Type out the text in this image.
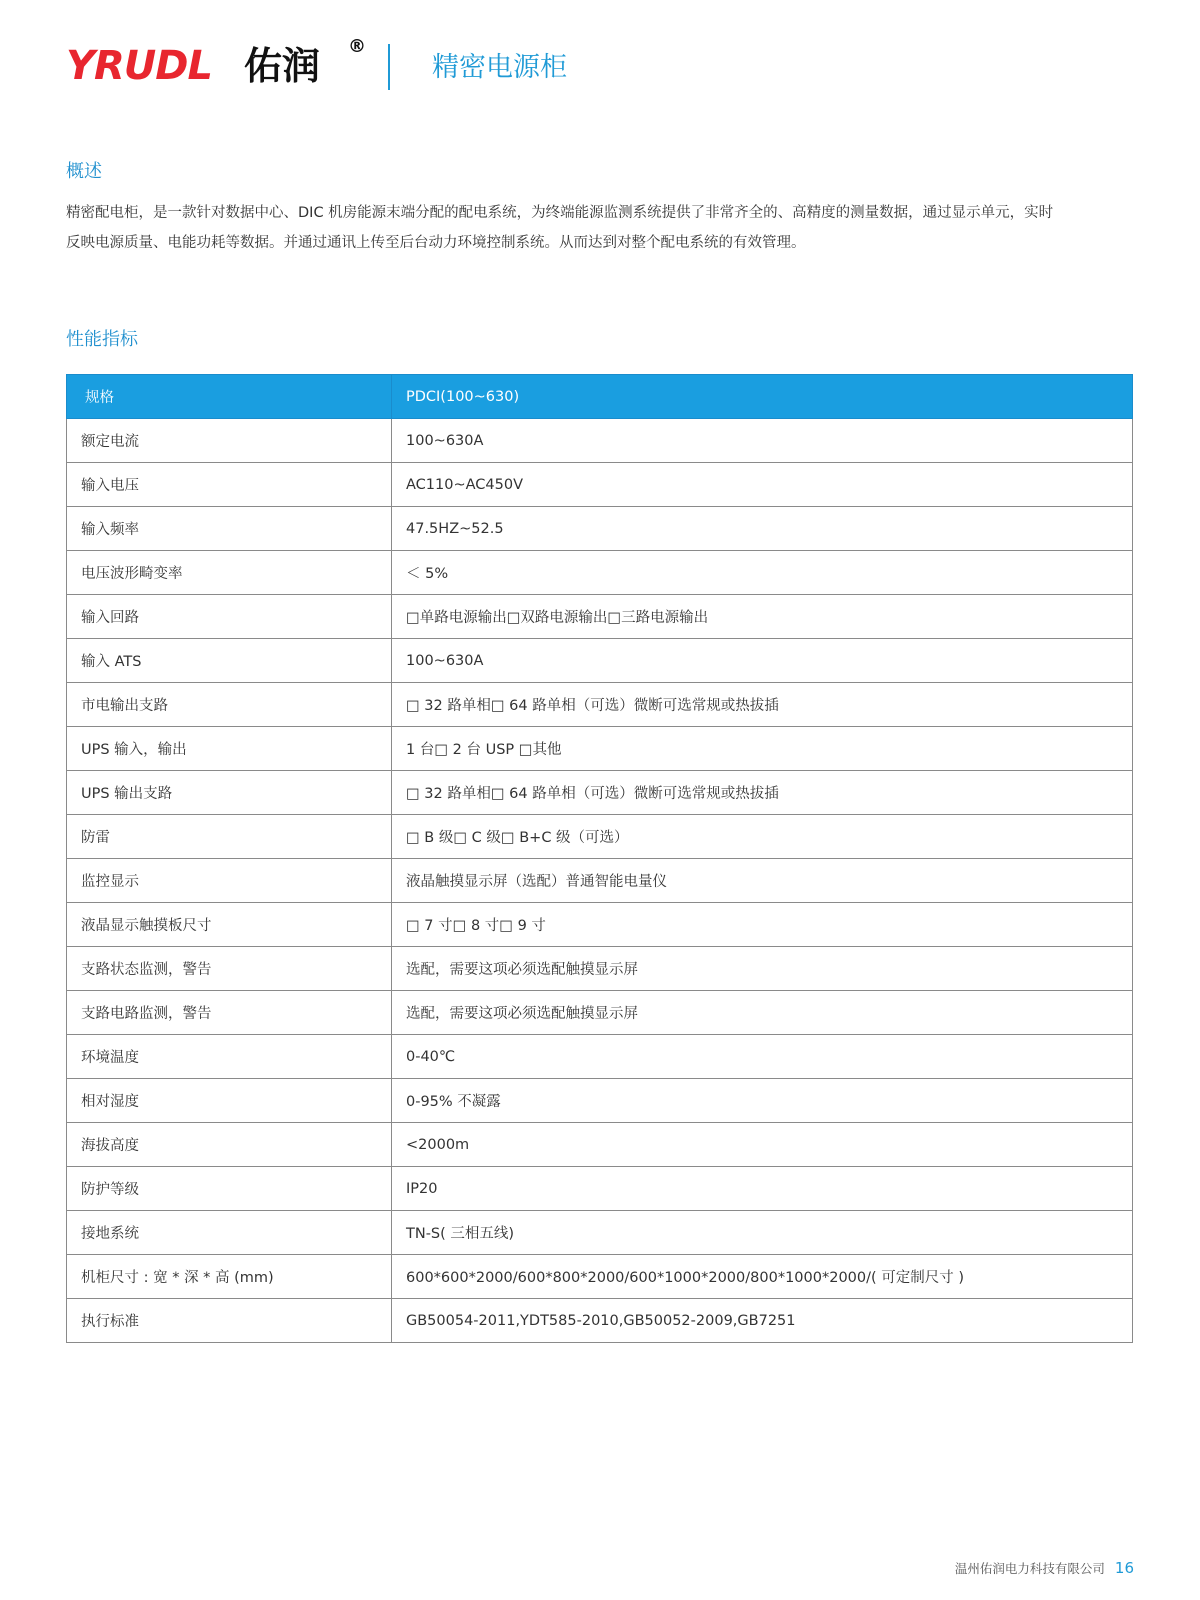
YRUDL 佑润 ®
精密电源柜
概述
精密配电柜，是一款针对数据中心、DIC 机房能源末端分配的配电系统，为终端能源监测系统提供了非常齐全的、高精度的测量数据，通过显示单元，实时反映电源质量、电能功耗等数据。并通过通讯上传至后台动力环境控制系统。从而达到对整个配电系统的有效管理。
性能指标
规格	PDCI(100~630)
额定电流	100~630A
输入电压	AC110~AC450V
输入频率	47.5HZ~52.5
电压波形畸变率	＜ 5%
输入回路	□单路电源输出□双路电源输出□三路电源输出
输入 ATS	100~630A
市电输出支路	□ 32 路单相□ 64 路单相（可选）微断可选常规或热拔插
UPS 输入，输出	1 台□ 2 台 USP □其他
UPS 输出支路	□ 32 路单相□ 64 路单相（可选）微断可选常规或热拔插
防雷	□ B 级□ C 级□ B+C 级（可选）
监控显示	液晶触摸显示屏（选配）普通智能电量仪
液晶显示触摸板尺寸	□ 7 寸□ 8 寸□ 9 寸
支路状态监测，警告	选配，需要这项必须选配触摸显示屏
支路电路监测，警告	选配，需要这项必须选配触摸显示屏
环境温度	0-40℃
相对湿度	0-95% 不凝露
海拔高度	<2000m
防护等级	IP20
接地系统	TN-S( 三相五线)
机柜尺寸 : 宽 * 深 * 高 (mm)	600*600*2000/600*800*2000/600*1000*2000/800*1000*2000/( 可定制尺寸 )
执行标准	GB50054-2011,YDT585-2010,GB50052-2009,GB7251
温州佑润电力科技有限公司 16
